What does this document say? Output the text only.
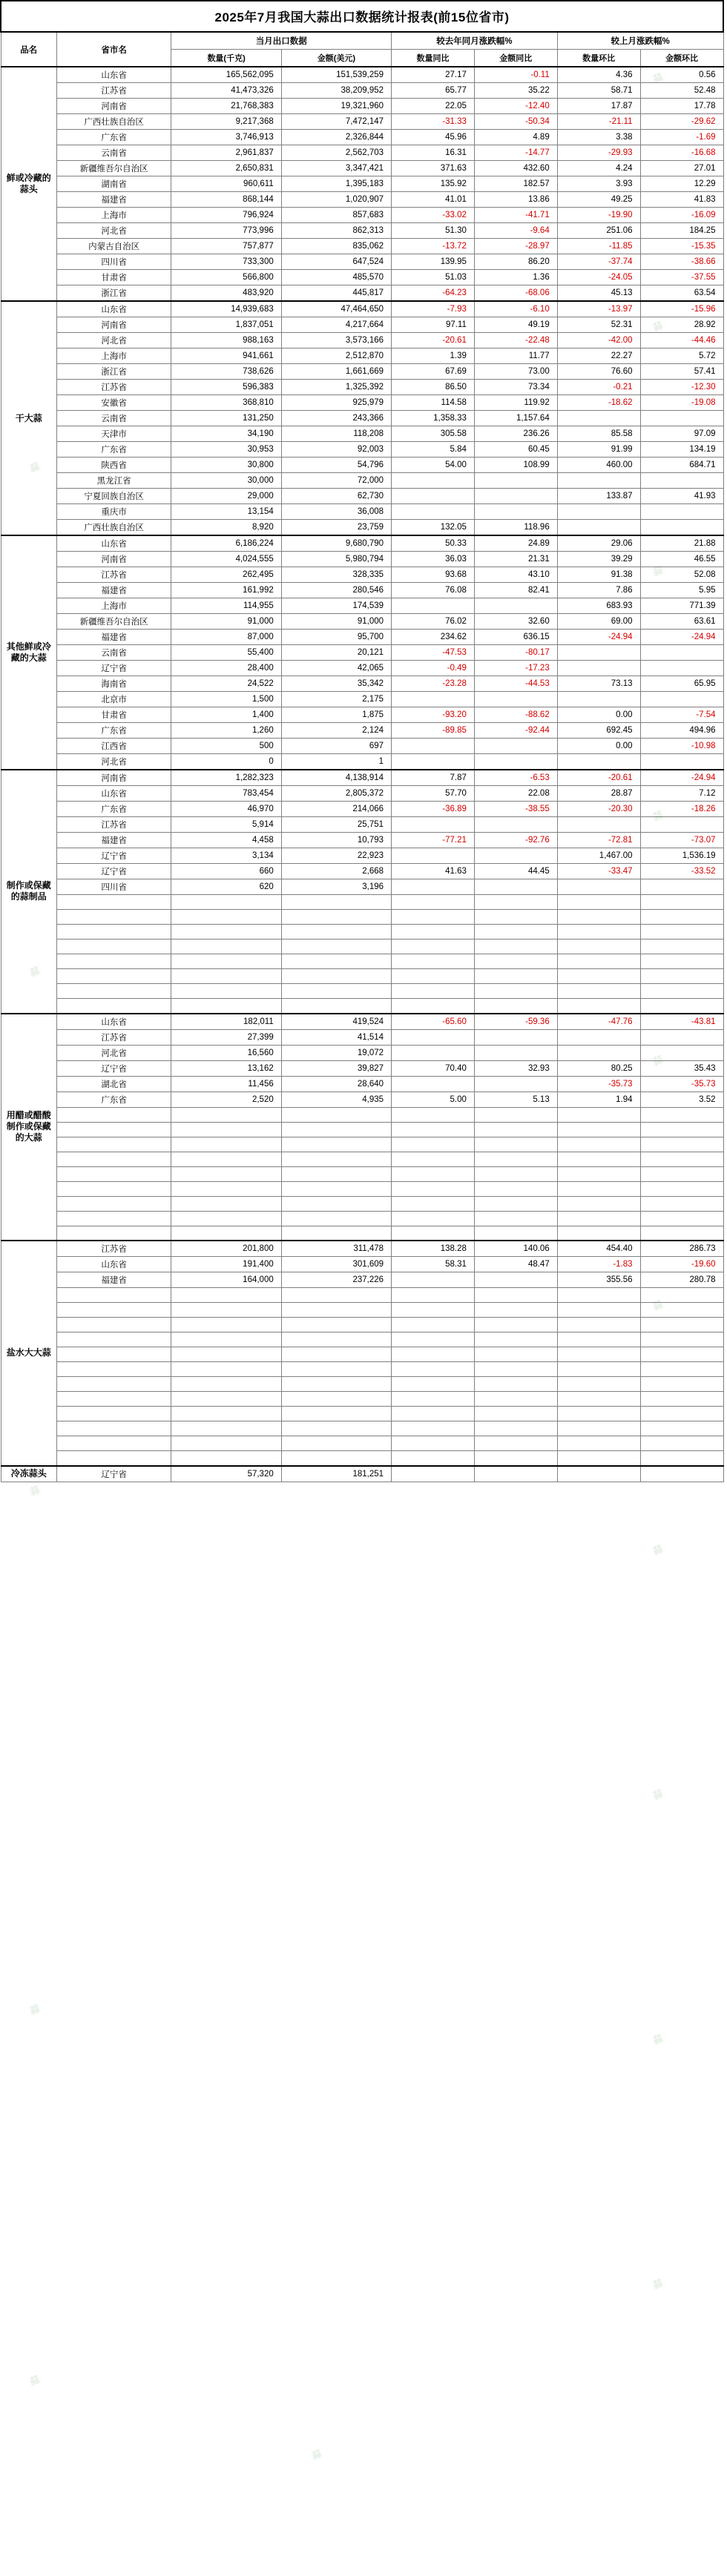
2025年7月我国大蒜出口数据统计报表(前15位省市)							
品名	省市名	当月出口数据		较去年同月涨跌幅%		较上月涨跌幅%	
		数量(千克)	金额(美元)	数量同比	金额同比	数量环比	金额环比
鲜或冷藏的蒜头	山东省	165,562,095	151,539,259	27.17	-0.11	4.36	0.56
	江苏省	41,473,326	38,209,952	65.77	35.22	58.71	52.48
	河南省	21,768,383	19,321,960	22.05	-12.40	17.87	17.78
	广西壮族自治区	9,217,368	7,472,147	-31.33	-50.34	-21.11	-29.62
	广东省	3,746,913	2,326,844	45.96	4.89	3.38	-1.69
	云南省	2,961,837	2,562,703	16.31	-14.77	-29.93	-16.68
	新疆维吾尔自治区	2,650,831	3,347,421	371.63	432.60	4.24	27.01
	湖南省	960,611	1,395,183	135.92	182.57	3.93	12.29
	福建省	868,144	1,020,907	41.01	13.86	49.25	41.83
	上海市	796,924	857,683	-33.02	-41.71	-19.90	-16.09
	河北省	773,996	862,313	51.30	-9.64	251.06	184.25
	内蒙古自治区	757,877	835,062	-13.72	-28.97	-11.85	-15.35
	四川省	733,300	647,524	139.95	86.20	-37.74	-38.66
	甘肃省	566,800	485,570	51.03	1.36	-24.05	-37.55
	浙江省	483,920	445,817	-64.23	-68.06	45.13	63.54
干大蒜	山东省	14,939,683	47,464,650	-7.93	-6.10	-13.97	-15.96
	河南省	1,837,051	4,217,664	97.11	49.19	52.31	28.92
	河北省	988,163	3,573,166	-20.61	-22.48	-42.00	-44.46
	上海市	941,661	2,512,870	1.39	11.77	22.27	5.72
	浙江省	738,626	1,661,669	67.69	73.00	76.60	57.41
	江苏省	596,383	1,325,392	86.50	73.34	-0.21	-12.30
	安徽省	368,810	925,979	114.58	119.92	-18.62	-19.08
	云南省	131,250	243,366	1,358.33	1,157.64		
	天津市	34,190	118,208	305.58	236.26	85.58	97.09
	广东省	30,953	92,003	5.84	60.45	91.99	134.19
	陕西省	30,800	54,796	54.00	108.99	460.00	684.71
	黑龙江省	30,000	72,000				
	宁夏回族自治区	29,000	62,730			133.87	41.93
	重庆市	13,154	36,008				
	广西壮族自治区	8,920	23,759	132.05	118.96		
其他鲜或冷藏的大蒜	山东省	6,186,224	9,680,790	50.33	24.89	29.06	21.88
	河南省	4,024,555	5,980,794	36.03	21.31	39.29	46.55
	江苏省	262,495	328,335	93.68	43.10	91.38	52.08
	福建省	161,992	280,546	76.08	82.41	7.86	5.95
	上海市	114,955	174,539			683.93	771.39
	新疆维吾尔自治区	91,000	91,000	76.02	32.60	69.00	63.61
	福建省	87,000	95,700	234.62	636.15	-24.94	-24.94
	云南省	55,400	20,121	-47.53	-80.17		
	辽宁省	28,400	42,065	-0.49	-17.23		
	海南省	24,522	35,342	-23.28	-44.53	73.13	65.95
	北京市	1,500	2,175				
	甘肃省	1,400	1,875	-93.20	-88.62	0.00	-7.54
	广东省	1,260	2,124	-89.85	-92.44	692.45	494.96
	江西省	500	697			0.00	-10.98
	河北省	0	1				
制作或保藏的蒜制品	河南省	1,282,323	4,138,914	7.87	-6.53	-20.61	-24.94
	山东省	783,454	2,805,372	57.70	22.08	28.87	7.12
	广东省	46,970	214,066	-36.89	-38.55	-20.30	-18.26
	江苏省	5,914	25,751				
	福建省	4,458	10,793	-77.21	-92.76	-72.81	-73.07
	辽宁省	3,134	22,923			1,467.00	1,536.19
	辽宁省	660	2,668	41.63	44.45	-33.47	-33.52
	四川省	620	3,196				

用醋或醋酸制作或保藏的大蒜	山东省	182,011	419,524	-65.60	-59.36	-47.76	-43.81
	江苏省	27,399	41,514				
	河北省	16,560	19,072				
	辽宁省	13,162	39,827	70.40	32.93	80.25	35.43
	湖北省	11,456	28,640			-35.73	-35.73
	广东省	2,520	4,935	5.00	5.13	1.94	3.52

盐水大大蒜	江苏省	201,800	311,478	138.28	140.06	454.40	286.73
	山东省	191,400	301,609	58.31	48.47	-1.83	-19.60
	福建省	164,000	237,226			355.56	280.78

冷冻蒜头	辽宁省	57,320	181,251				
蒜
蒜
蒜
蒜
蒜
蒜
蒜
蒜
蒜
蒜
蒜
蒜
蒜
蒜
